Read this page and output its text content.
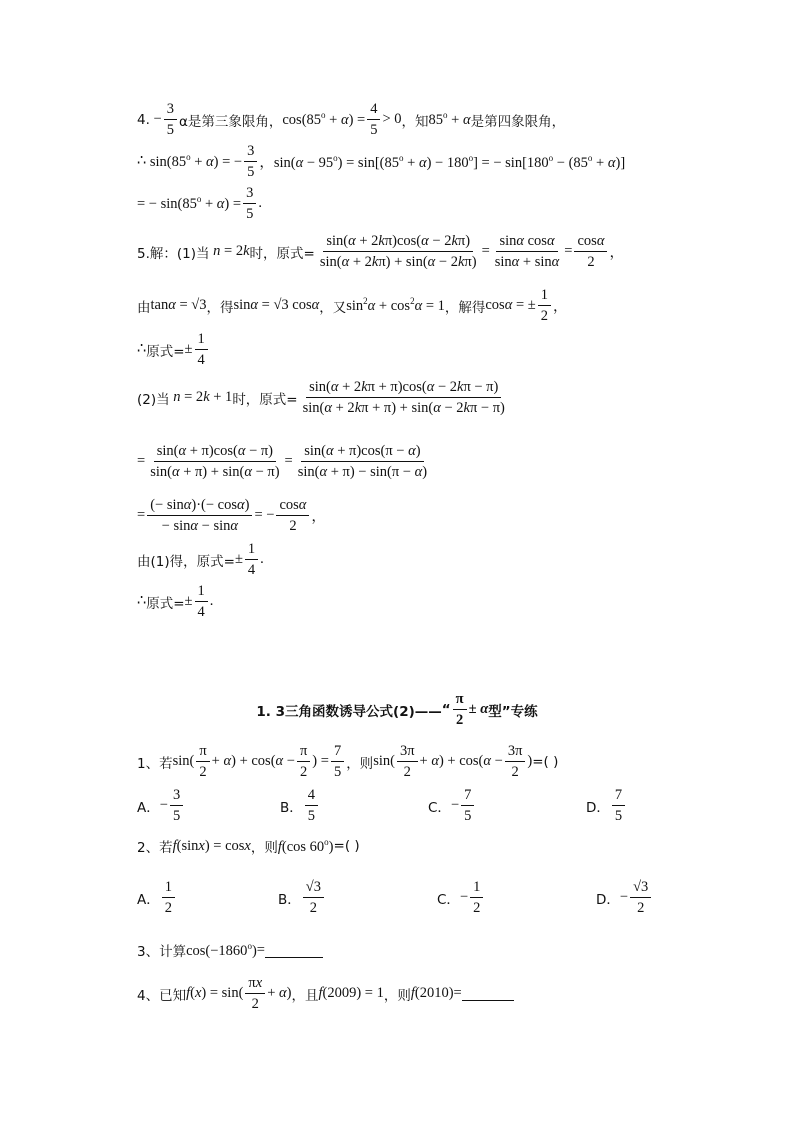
4. − $\frac{3}{5}$ α是第三象限角， $\cos(85^o + \alpha) = \frac{4}{5} > 0$ ，知 $85^o + \alpha$ 是第四象限角，
∴ $\sin(85^o + \alpha)$ = − $\frac{3}{5}$ ，$\sin(\alpha - 95^o) = \sin[(85^o + \alpha) - 180^o]$ = − $\sin[180^o - (85^o + \alpha)]$
= − $\sin(85^o + \alpha) = \frac{3}{5}$ .
5.解：(1)当 n = 2 k 时，原式= $\frac{\sin(\alpha + 2k\pi)\cos(\alpha - 2k\pi)}{\sin(\alpha + 2k\pi) + \sin(\alpha - 2k\pi)} = \frac{\text{sinα cosα}}{\sin\alpha + \sin\alpha} = \frac{\cos\alpha}{2}$ ，
由 tanα = √3 ，得 sinα = √3 cosα ，又 $\sin^2\alpha + \cos^2\alpha = 1$ ，解得 cosα = ± $\frac{1}{2}$ ，
∴ 原式= ± $\frac{1}{4}$
(2)当 n = 2 k + 1 时，原式= $\frac{\sin(\alpha + 2k\pi + \pi)\cos(\alpha - 2k\pi - \pi)}{\sin(\alpha + 2k\pi + \pi) + \sin(\alpha - 2k\pi - \pi)}$
= $\frac{\sin(\alpha + \pi)\cos(\alpha - \pi)}{\sin(\alpha + \pi) + \sin(\alpha - \pi)} = \frac{\sin(\alpha + \pi)\cos(\pi - \alpha)}{\sin(\alpha + \pi) - \sin(\pi - \alpha)}$
= $\frac{(- \sin\alpha)\cdot(- \cos\alpha)}{- \sin\alpha - \sin\alpha}$ = − $\frac{\cos\alpha}{2}$ ，
由(1)得，原式= ± $\frac{1}{4}$ .
∴ 原式= ± $\frac{1}{4}$ .
1. 3三角函数诱导公式(2)—— “ $\frac{\pi}{2} \pm \alpha$ 型”专练
1、若 $\sin( \frac{\pi}{2} + \alpha) + \cos(\alpha - \frac{\pi}{2}$ ) = $\frac{7}{5}$ ，则 $\sin( \frac{3\pi}{2} + \alpha) + \cos(\alpha - \frac{3\pi}{2}$ ) =( )
A． − $\frac{3}{5}$	B． $\frac{4}{5}$	C． − $\frac{7}{5}$	D． $\frac{7}{5}$
2、若 f(sinx) = cosx ，则 f(cos $60^o$) =( )
A． $\frac{1}{2}$	B． $\frac{√3}{2}$	C． − $\frac{1}{2}$	D． − $\frac{√3}{2}$
3、计算 $\cos(-1860^o)$ =
4、已知 $f(x) = \sin( \frac{\pi x}{2} + \alpha)$ ，且 f(2009) = 1 ，则 f(2010) =
